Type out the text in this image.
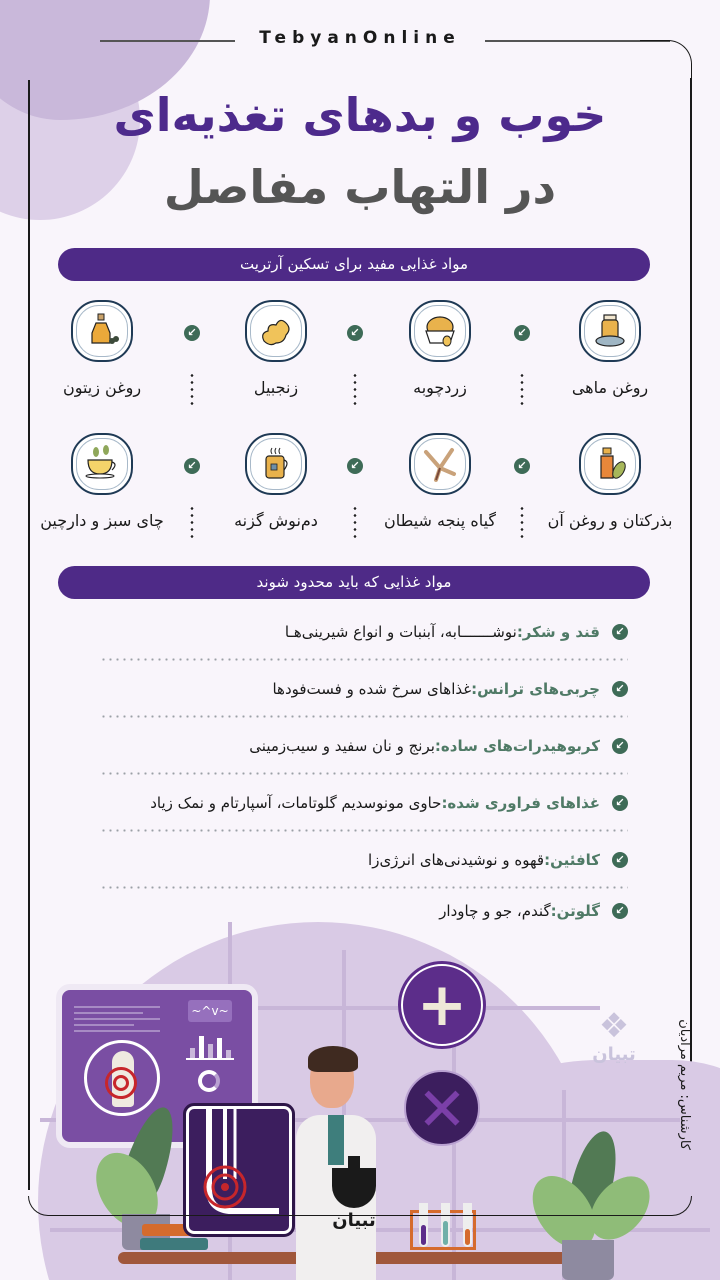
TebyanOnline
خوب و بدهای تغذیه‌ای
در التهاب مفاصل
مواد غذایی مفید برای تسکین آرتریت
روغن ماهی
↙
زردچوبه
↙
زنجبیل
↙
روغن زیتون
بذرکتان و روغن آن
↙
گیاه پنجه شیطان
↙
دم‌نوش گزنه
↙
چای سبز و دارچین
مواد غذایی که باید محدود شوند
↙
قند و شکر:
نوشـــــــابه، آبنبات و انواع شیرینی‌هـا
↙
چربی‌های ترانس:
غذاهای سرخ شده و فست‌فودها
↙
کربوهیدرات‌های ساده:
برنج و نان سفید و سیب‌زمینی
↙
غذاهای فراوری شده:
حاوی مونوسدیم گلوتامات، آسپارتام و نمک زیاد
↙
کافئین:
قهوه و نوشیدنی‌های انرژی‌زا
↙
گلوتن:
گندم، جو و چاودار
~^v~	+
✕
❖
تبیان
تبیان
کارشناس: مریم مرادیان
